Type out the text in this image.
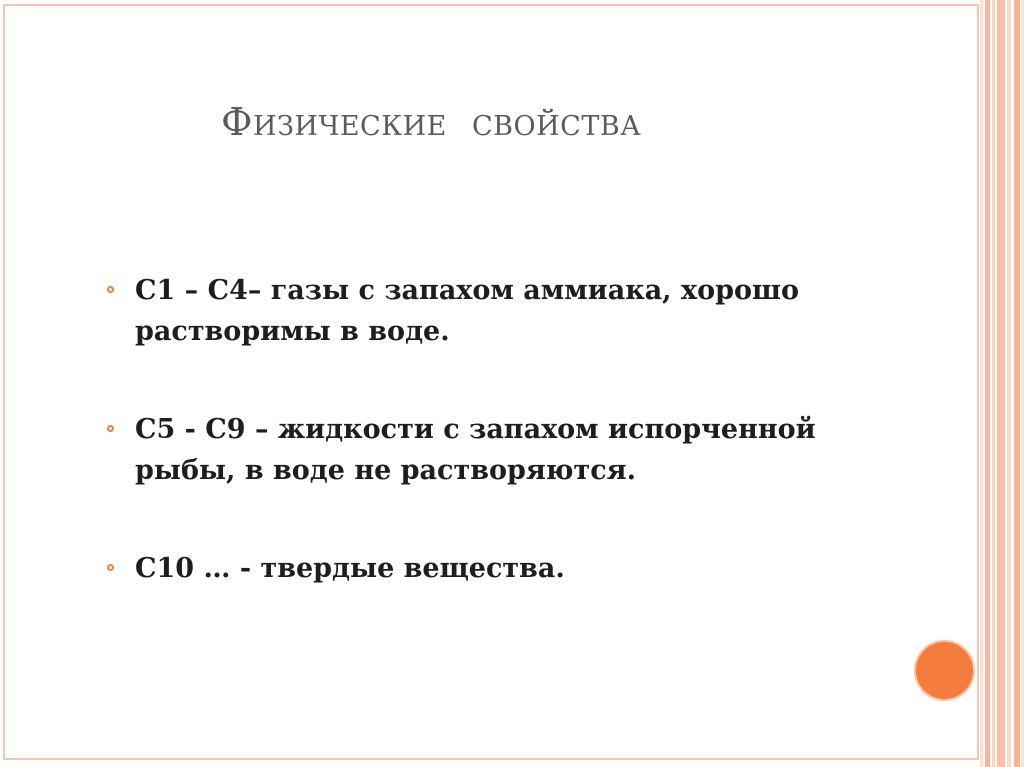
Физические  свойства
С1 – С4– газы с запахом аммиака, хорошо растворимы в воде.
С5 - С9 – жидкости с запахом испорченной рыбы, в воде не растворяются.
С10 … - твердые вещества.
